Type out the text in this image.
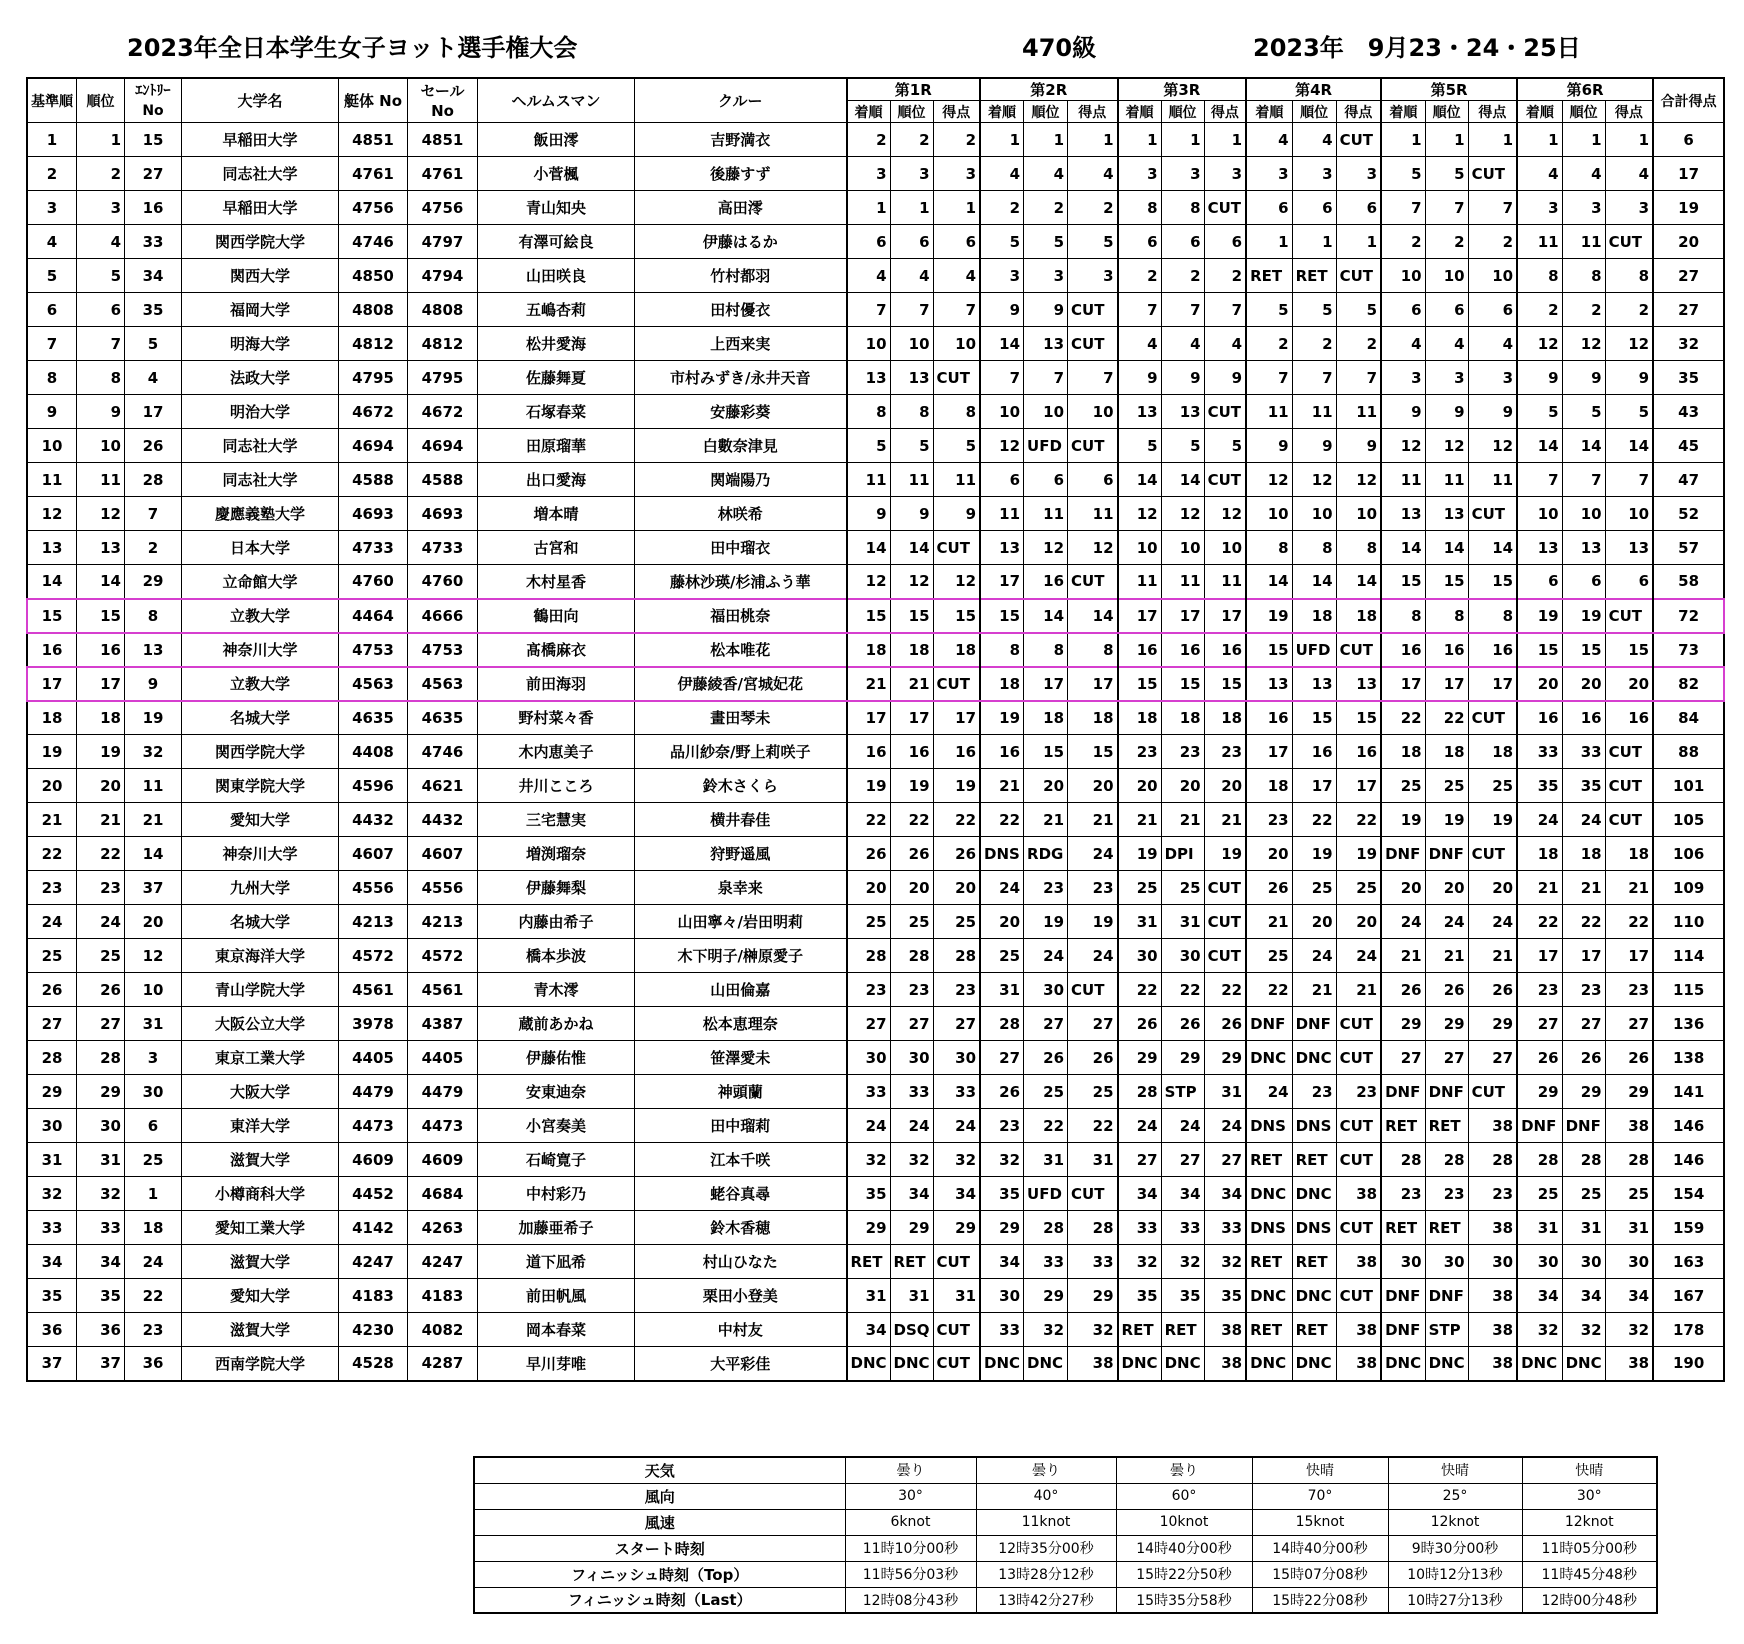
2023年全日本学生女子ヨット選手権大会	470級	2023年　9月23・24・25日
基準順	順位	ｴﾝﾄﾘｰ No	大学名	艇体 No	セール No	ヘルムスマン	クルー	第1R			第2R			第3R			第4R			第5R			第6R			合計得点
								着順	順位	得点	着順	順位	得点	着順	順位	得点	着順	順位	得点	着順	順位	得点	着順	順位	得点	
1	1	15	早稲田大学	4851	4851	飯田澪	吉野満衣	2	2	2	1	1	1	1	1	1	4	4	CUT	1	1	1	1	1	1	6
2	2	27	同志社大学	4761	4761	小菅楓	後藤すず	3	3	3	4	4	4	3	3	3	3	3	3	5	5	CUT	4	4	4	17
3	3	16	早稲田大学	4756	4756	青山知央	高田澪	1	1	1	2	2	2	8	8	CUT	6	6	6	7	7	7	3	3	3	19
4	4	33	関西学院大学	4746	4797	有澤可絵良	伊藤はるか	6	6	6	5	5	5	6	6	6	1	1	1	2	2	2	11	11	CUT	20
5	5	34	関西大学	4850	4794	山田咲良	竹村都羽	4	4	4	3	3	3	2	2	2	RET	RET	CUT	10	10	10	8	8	8	27
6	6	35	福岡大学	4808	4808	五嶋杏莉	田村優衣	7	7	7	9	9	CUT	7	7	7	5	5	5	6	6	6	2	2	2	27
7	7	5	明海大学	4812	4812	松井愛海	上西来実	10	10	10	14	13	CUT	4	4	4	2	2	2	4	4	4	12	12	12	32
8	8	4	法政大学	4795	4795	佐藤舞夏	市村みずき/永井天音	13	13	CUT	7	7	7	9	9	9	7	7	7	3	3	3	9	9	9	35
9	9	17	明治大学	4672	4672	石塚春菜	安藤彩葵	8	8	8	10	10	10	13	13	CUT	11	11	11	9	9	9	5	5	5	43
10	10	26	同志社大学	4694	4694	田原瑠華	白數奈津見	5	5	5	12	UFD	CUT	5	5	5	9	9	9	12	12	12	14	14	14	45
11	11	28	同志社大学	4588	4588	出口愛海	関端陽乃	11	11	11	6	6	6	14	14	CUT	12	12	12	11	11	11	7	7	7	47
12	12	7	慶應義塾大学	4693	4693	増本晴	林咲希	9	9	9	11	11	11	12	12	12	10	10	10	13	13	CUT	10	10	10	52
13	13	2	日本大学	4733	4733	古宮和	田中瑠衣	14	14	CUT	13	12	12	10	10	10	8	8	8	14	14	14	13	13	13	57
14	14	29	立命館大学	4760	4760	木村星香	藤林沙瑛/杉浦ふう華	12	12	12	17	16	CUT	11	11	11	14	14	14	15	15	15	6	6	6	58
15	15	8	立教大学	4464	4666	鶴田向	福田桃奈	15	15	15	15	14	14	17	17	17	19	18	18	8	8	8	19	19	CUT	72
16	16	13	神奈川大学	4753	4753	髙橋麻衣	松本唯花	18	18	18	8	8	8	16	16	16	15	UFD	CUT	16	16	16	15	15	15	73
17	17	9	立教大学	4563	4563	前田海羽	伊藤綾香/宮城妃花	21	21	CUT	18	17	17	15	15	15	13	13	13	17	17	17	20	20	20	82
18	18	19	名城大学	4635	4635	野村菜々香	畫田琴未	17	17	17	19	18	18	18	18	18	16	15	15	22	22	CUT	16	16	16	84
19	19	32	関西学院大学	4408	4746	木内恵美子	品川紗奈/野上莉咲子	16	16	16	16	15	15	23	23	23	17	16	16	18	18	18	33	33	CUT	88
20	20	11	関東学院大学	4596	4621	井川こころ	鈴木さくら	19	19	19	21	20	20	20	20	20	18	17	17	25	25	25	35	35	CUT	101
21	21	21	愛知大学	4432	4432	三宅慧実	横井春佳	22	22	22	22	21	21	21	21	21	23	22	22	19	19	19	24	24	CUT	105
22	22	14	神奈川大学	4607	4607	増渕瑠奈	狩野遥風	26	26	26	DNS	RDG	24	19	DPI	19	20	19	19	DNF	DNF	CUT	18	18	18	106
23	23	37	九州大学	4556	4556	伊藤舞梨	泉幸来	20	20	20	24	23	23	25	25	CUT	26	25	25	20	20	20	21	21	21	109
24	24	20	名城大学	4213	4213	内藤由希子	山田寧々/岩田明莉	25	25	25	20	19	19	31	31	CUT	21	20	20	24	24	24	22	22	22	110
25	25	12	東京海洋大学	4572	4572	橋本歩波	木下明子/榊原愛子	28	28	28	25	24	24	30	30	CUT	25	24	24	21	21	21	17	17	17	114
26	26	10	青山学院大学	4561	4561	青木澪	山田倫嘉	23	23	23	31	30	CUT	22	22	22	22	21	21	26	26	26	23	23	23	115
27	27	31	大阪公立大学	3978	4387	蔵前あかね	松本恵理奈	27	27	27	28	27	27	26	26	26	DNF	DNF	CUT	29	29	29	27	27	27	136
28	28	3	東京工業大学	4405	4405	伊藤佑惟	笹澤愛未	30	30	30	27	26	26	29	29	29	DNC	DNC	CUT	27	27	27	26	26	26	138
29	29	30	大阪大学	4479	4479	安東迪奈	神頭蘭	33	33	33	26	25	25	28	STP	31	24	23	23	DNF	DNF	CUT	29	29	29	141
30	30	6	東洋大学	4473	4473	小宮奏美	田中瑠莉	24	24	24	23	22	22	24	24	24	DNS	DNS	CUT	RET	RET	38	DNF	DNF	38	146
31	31	25	滋賀大学	4609	4609	石崎寛子	江本千咲	32	32	32	32	31	31	27	27	27	RET	RET	CUT	28	28	28	28	28	28	146
32	32	1	小樽商科大学	4452	4684	中村彩乃	蛯谷真尋	35	34	34	35	UFD	CUT	34	34	34	DNC	DNC	38	23	23	23	25	25	25	154
33	33	18	愛知工業大学	4142	4263	加藤亜希子	鈴木香穂	29	29	29	29	28	28	33	33	33	DNS	DNS	CUT	RET	RET	38	31	31	31	159
34	34	24	滋賀大学	4247	4247	道下凪希	村山ひなた	RET	RET	CUT	34	33	33	32	32	32	RET	RET	38	30	30	30	30	30	30	163
35	35	22	愛知大学	4183	4183	前田帆風	栗田小登美	31	31	31	30	29	29	35	35	35	DNC	DNC	CUT	DNF	DNF	38	34	34	34	167
36	36	23	滋賀大学	4230	4082	岡本春菜	中村友	34	DSQ	CUT	33	32	32	RET	RET	38	RET	RET	38	DNF	STP	38	32	32	32	178
37	37	36	西南学院大学	4528	4287	早川芽唯	大平彩佳	DNC	DNC	CUT	DNC	DNC	38	DNC	DNC	38	DNC	DNC	38	DNC	DNC	38	DNC	DNC	38	190
天気	曇り	曇り	曇り	快晴	快晴	快晴
風向	30°	40°	60°	70°	25°	30°
風速	6knot	11knot	10knot	15knot	12knot	12knot
スタート時刻	11時10分00秒	12時35分00秒	14時40分00秒	14時40分00秒	9時30分00秒	11時05分00秒
フィニッシュ時刻（Top）	11時56分03秒	13時28分12秒	15時22分50秒	15時07分08秒	10時12分13秒	11時45分48秒
フィニッシュ時刻（Last）	12時08分43秒	13時42分27秒	15時35分58秒	15時22分08秒	10時27分13秒	12時00分48秒
